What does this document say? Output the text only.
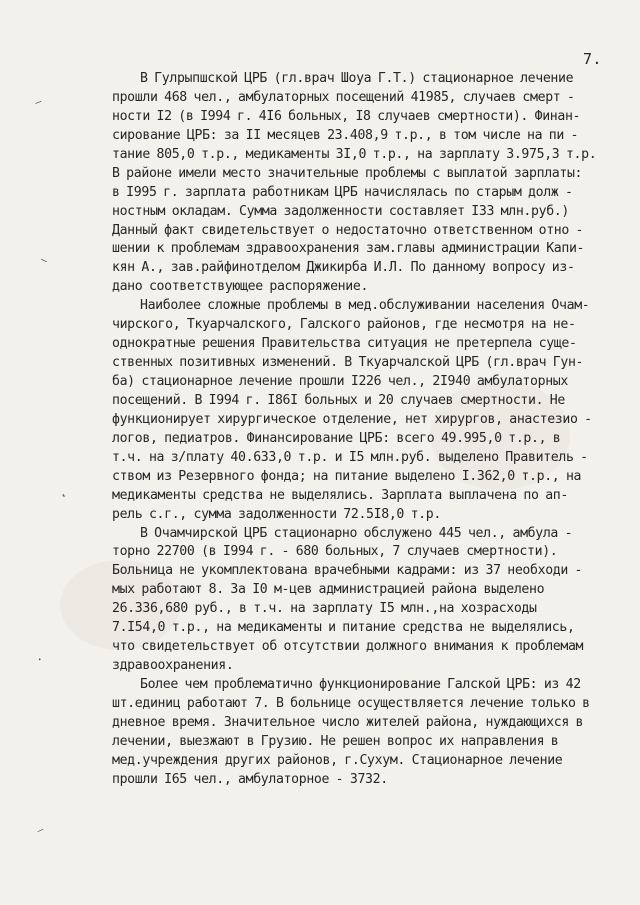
7.
⸝
⸜
˛
⸳
⸝
В Гулрыпшской ЦРБ (гл.врач Шоуа Г.Т.) стационарное лечение
прошли 468 чел., амбулаторных посещений 41985, случаев смерт -
ности I2 (в I994 г. 4I6 больных, I8 случаев смертности). Финан-
сирование ЦРБ: за II месяцев 23.408,9 т.р., в том числе на пи -
тание 805,0 т.р., медикаменты 3I,0 т.р., на зарплату 3.975,3 т.р.
В районе имели место значительные проблемы с выплатой зарплаты:
в I995 г. зарплата работникам ЦРБ начислялась по старым долж -
ностным окладам. Сумма задолженности составляет I33 млн.руб.)
Данный факт свидетельствует о недостаточно ответственном отно -
шении к проблемам здравоохранения зам.главы администрации Капи-
кян А., зав.райфинотделом Джикирба И.Л. По данному вопросу из-
дано соответствующее распоряжение.
Наиболее сложные проблемы в мед.обслуживании населения Очам-
чирского, Ткуарчалского, Галского районов, где несмотря на не-
однократные решения Правительства ситуация не претерпела суще-
ственных позитивных изменений. В Ткуарчалской ЦРБ (гл.врач Гун-
ба) стационарное лечение прошли I226 чел., 2I940 амбулаторных
посещений. В I994 г. I86I больных и 20 случаев смертности. Не
функционирует хирургическое отделение, нет хирургов, анастезио -
логов, педиатров. Финансирование ЦРБ: всего 49.995,0 т.р., в
т.ч. на з/плату 40.633,0 т.р. и I5 млн.руб. выделено Правитель -
ством из Резервного фонда; на питание выделено I.362,0 т.р., на
медикаменты средства не выделялись. Зарплата выплачена по ап-
рель с.г., сумма задолженности 72.5I8,0 т.р.
В Очамчирской ЦРБ стационарно обслужено 445 чел., амбула -
торно 22700 (в I994 г. - 680 больных, 7 случаев смертности).
Больница не укомплектована врачебными кадрами: из 37 необходи -
мых работают 8. За I0 м-цев администрацией района выделено
26.336,680 руб., в т.ч. на зарплату I5 млн.,на хозрасходы
7.I54,0 т.р., на медикаменты и питание средства не выделялись,
что свидетельствует об отсутствии должного внимания к проблемам
здравоохранения.
Более чем проблематично функционирование Галской ЦРБ: из 42
шт.единиц работают 7. В больнице осуществляется лечение только в
дневное время. Значительное число жителей района, нуждающихся в
лечении, выезжают в Грузию. Не решен вопрос их направления в
мед.учреждения других районов, г.Сухум. Стационарное лечение
прошли I65 чел., амбулаторное - 3732.
